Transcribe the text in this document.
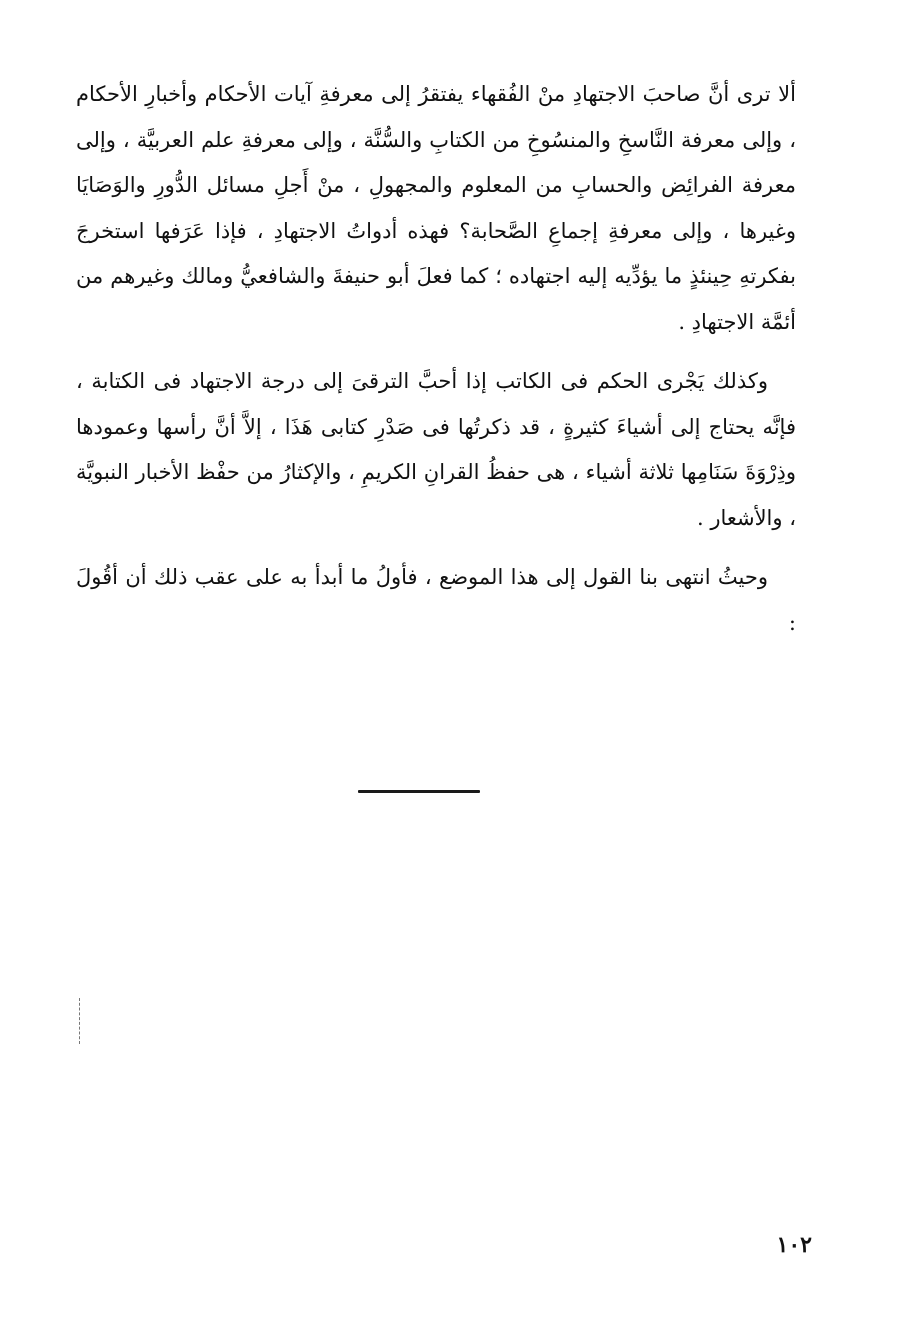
ألا ترى أنَّ صاحبَ الاجتهادِ منْ الفُقهاء يفتقرُ إلى معرفةِ آيات الأحكام وأخبارِ الأحكام ، وإلى معرفة النَّاسخِ والمنسُوخِ من الكتابِ والسُّنَّة ، وإلى معرفةِ علم العربيَّة ، وإلى معرفة الفرائِض والحسابِ من المعلوم والمجهولِ ، منْ أَجلِ مسائل الدُّورِ والوَصَايَا وغيرها ، وإلى معرفةِ إجماعِ الصَّحابة؟ فهذه أدواتُ الاجتهادِ ، فإذا عَرَفها استخرجَ بفكرتهِ حِينئذٍ ما يؤدِّيه إليه اجتهاده ؛ كما فعلَ أبو حنيفةَ والشافعيُّ ومالك وغيرهم من أئمَّة الاجتهادِ .

وكذلك يَجْرى الحكم فى الكاتب إذا أحبَّ الترقىَ إلى درجة الاجتهاد فى الكتابة ، فإنَّه يحتاج إلى أشياءَ كثيرةٍ ، قد ذكرتُها فى صَدْرِ كتابى هَذَا ، إلاَّ أنَّ رأسها وعمودها وذِرْوَةَ سَنَامِها ثلاثة أشياء ، هى حفظُ القرانِ الكريمِ ، والإكثارُ من حفْظ الأخبار النبويَّة ، والأشعار .

وحيثُ انتهى بنا القول إلى هذا الموضع ، فأولُ ما أبدأ به على عقب ذلك أن أقُولَ :

١٠٢
